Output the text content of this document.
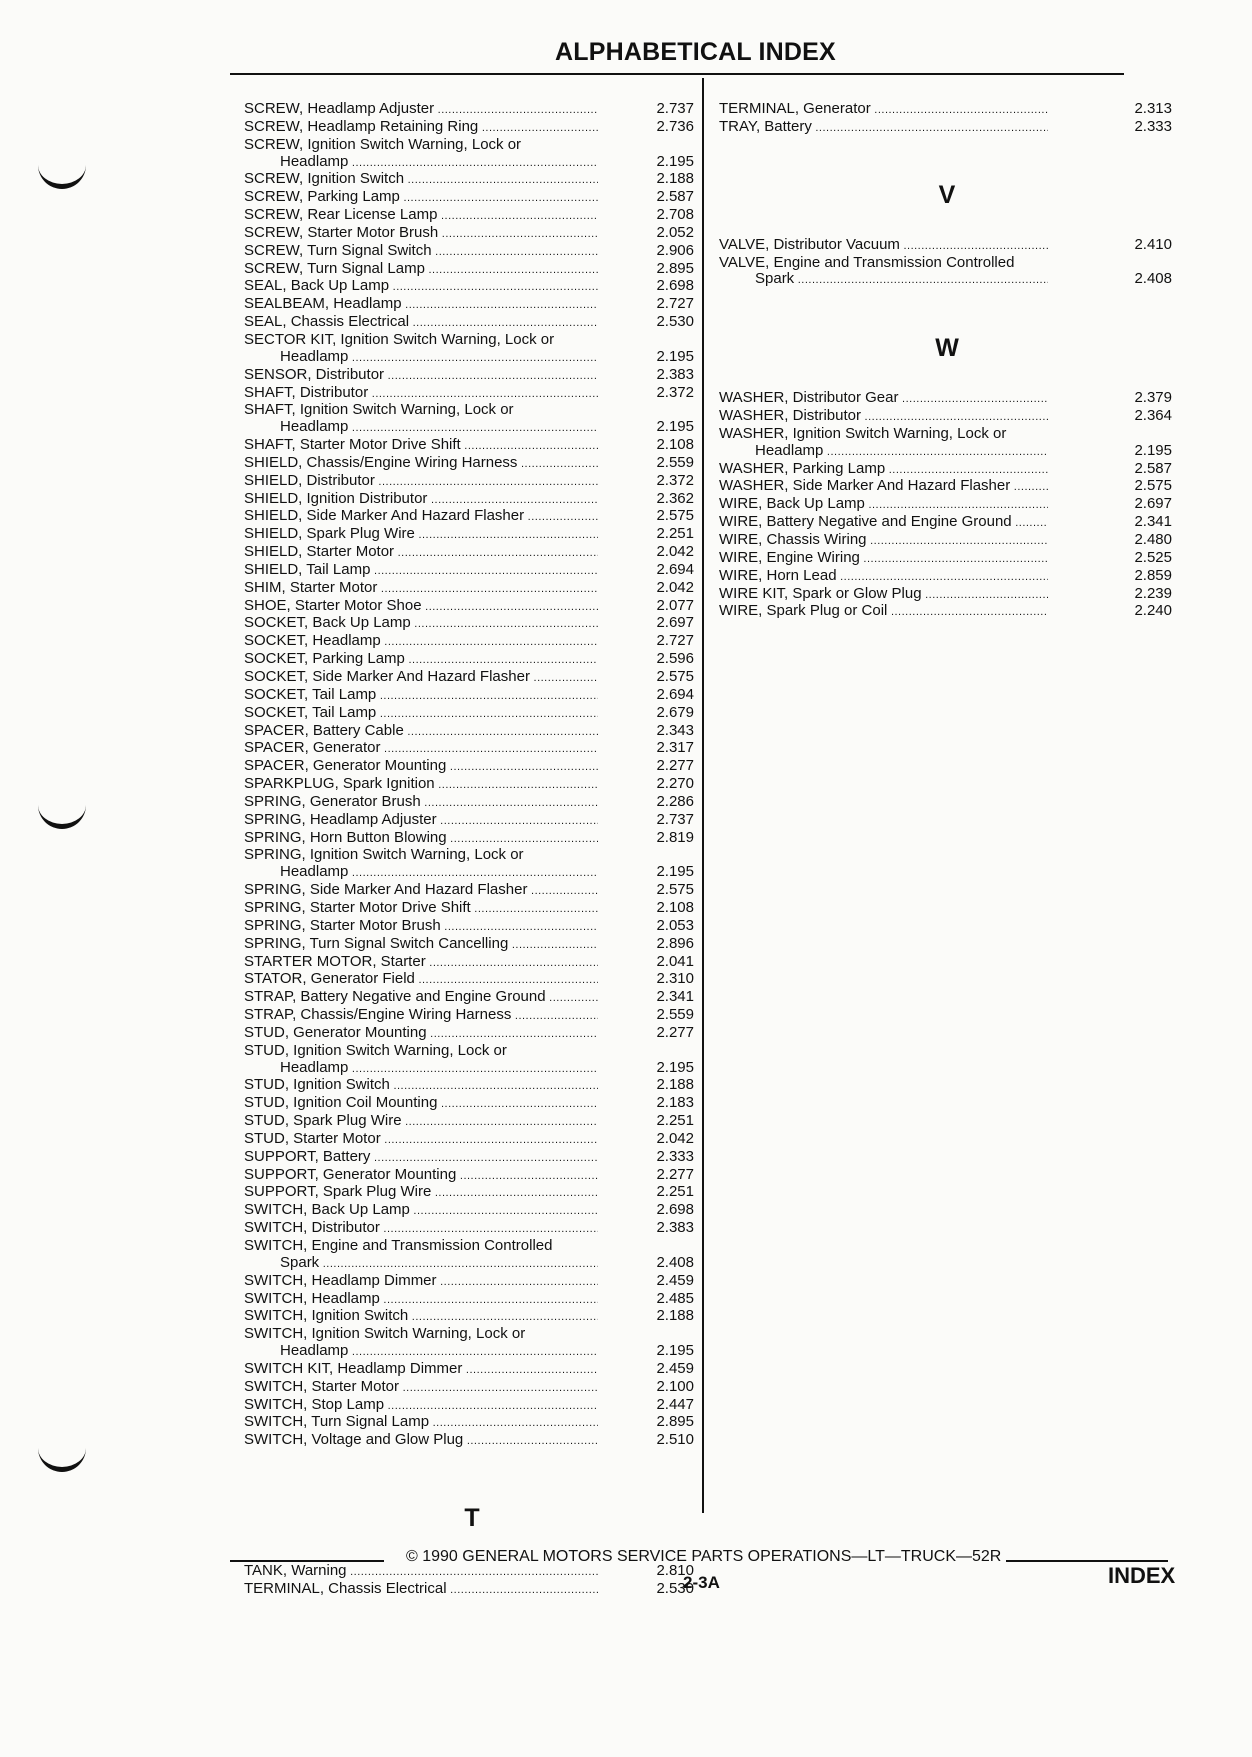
ALPHABETICAL INDEX
SCREW, Headlamp Adjuster .....	2.737
SCREW, Headlamp Retaining Ring .....	2.736
SCREW, Ignition Switch Warning, Lock or
Headlamp .....	2.195
SCREW, Ignition Switch .....	2.188
SCREW, Parking Lamp .....	2.587
SCREW, Rear License Lamp .....	2.708
SCREW, Starter Motor Brush .....	2.052
SCREW, Turn Signal Switch .....	2.906
SCREW, Turn Signal Lamp .....	2.895
SEAL, Back Up Lamp .....	2.698
SEALBEAM, Headlamp .....	2.727
SEAL, Chassis Electrical .....	2.530
SECTOR KIT, Ignition Switch Warning, Lock or
Headlamp .....	2.195
SENSOR, Distributor .....	2.383
SHAFT, Distributor .....	2.372
SHAFT, Ignition Switch Warning, Lock or
Headlamp .....	2.195
SHAFT, Starter Motor Drive Shift .....	2.108
SHIELD, Chassis/Engine Wiring Harness .....	2.559
SHIELD, Distributor .....	2.372
SHIELD, Ignition Distributor .....	2.362
SHIELD, Side Marker And Hazard Flasher .....	2.575
SHIELD, Spark Plug Wire .....	2.251
SHIELD, Starter Motor .....	2.042
SHIELD, Tail Lamp .....	2.694
SHIM, Starter Motor .....	2.042
SHOE, Starter Motor Shoe .....	2.077
SOCKET, Back Up Lamp .....	2.697
SOCKET, Headlamp .....	2.727
SOCKET, Parking Lamp .....	2.596
SOCKET, Side Marker And Hazard Flasher .....	2.575
SOCKET, Tail Lamp .....	2.694
SOCKET, Tail Lamp .....	2.679
SPACER, Battery Cable .....	2.343
SPACER, Generator .....	2.317
SPACER, Generator Mounting .....	2.277
SPARKPLUG, Spark Ignition .....	2.270
SPRING, Generator Brush .....	2.286
SPRING, Headlamp Adjuster .....	2.737
SPRING, Horn Button Blowing .....	2.819
SPRING, Ignition Switch Warning, Lock or
Headlamp .....	2.195
SPRING, Side Marker And Hazard Flasher .....	2.575
SPRING, Starter Motor Drive Shift .....	2.108
SPRING, Starter Motor Brush .....	2.053
SPRING, Turn Signal Switch Cancelling .....	2.896
STARTER MOTOR, Starter .....	2.041
STATOR, Generator Field .....	2.310
STRAP, Battery Negative and Engine Ground .....	2.341
STRAP, Chassis/Engine Wiring Harness .....	2.559
STUD, Generator Mounting .....	2.277
STUD, Ignition Switch Warning, Lock or
Headlamp .....	2.195
STUD, Ignition Switch .....	2.188
STUD, Ignition Coil Mounting .....	2.183
STUD, Spark Plug Wire .....	2.251
STUD, Starter Motor .....	2.042
SUPPORT, Battery .....	2.333
SUPPORT, Generator Mounting .....	2.277
SUPPORT, Spark Plug Wire .....	2.251
SWITCH, Back Up Lamp .....	2.698
SWITCH, Distributor .....	2.383
SWITCH, Engine and Transmission Controlled
Spark .....	2.408
SWITCH, Headlamp Dimmer .....	2.459
SWITCH, Headlamp .....	2.485
SWITCH, Ignition Switch .....	2.188
SWITCH, Ignition Switch Warning, Lock or
Headlamp .....	2.195
SWITCH KIT, Headlamp Dimmer .....	2.459
SWITCH, Starter Motor .....	2.100
SWITCH, Stop Lamp .....	2.447
SWITCH, Turn Signal Lamp .....	2.895
SWITCH, Voltage and Glow Plug .....	2.510
T
TANK, Warning .....	2.810
TERMINAL, Chassis Electrical .....	2.530
TERMINAL, Generator .....	2.313
TRAY, Battery .....	2.333
V
VALVE, Distributor Vacuum .....	2.410
VALVE, Engine and Transmission Controlled
Spark .....	2.408
W
WASHER, Distributor Gear .....	2.379
WASHER, Distributor .....	2.364
WASHER, Ignition Switch Warning, Lock or
Headlamp .....	2.195
WASHER, Parking Lamp .....	2.587
WASHER, Side Marker And Hazard Flasher .....	2.575
WIRE, Back Up Lamp .....	2.697
WIRE, Battery Negative and Engine Ground .....	2.341
WIRE, Chassis Wiring .....	2.480
WIRE, Engine Wiring .....	2.525
WIRE, Horn Lead .....	2.859
WIRE KIT, Spark or Glow Plug .....	2.239
WIRE, Spark Plug or Coil .....	2.240
© 1990 GENERAL MOTORS SERVICE PARTS OPERATIONS—LT—TRUCK—52R
2-3A	INDEX
